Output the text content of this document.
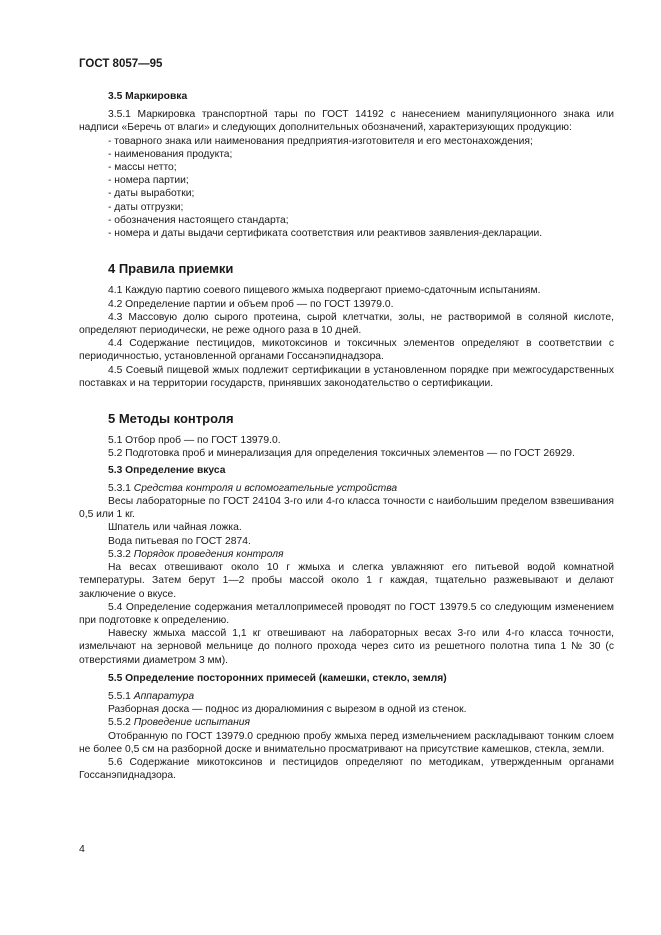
ГОСТ 8057—95

3.5 Маркировка

3.5.1 Маркировка транспортной тары по ГОСТ 14192 с нанесением манипуляционного знака или надписи «Беречь от влаги» и следующих дополнительных обозначений, характеризующих продукцию:

- товарного знака или наименования предприятия-изготовителя и его местонахождения;

- наименования продукта;

- массы нетто;

- номера партии;

- даты выработки;

- даты отгрузки;

- обозначения настоящего стандарта;

- номера и даты выдачи сертификата соответствия или реактивов заявления-декларации.

4 Правила приемки

4.1 Каждую партию соевого пищевого жмыха подвергают приемо-сдаточным испытаниям.

4.2 Определение партии и объем проб — по ГОСТ 13979.0.

4.3 Массовую долю сырого протеина, сырой клетчатки, золы, не растворимой в соляной кислоте, определяют периодически, не реже одного раза в 10 дней.

4.4 Содержание пестицидов, микотоксинов и токсичных элементов определяют в соответствии с периодичностью, установленной органами Госсанэпиднадзора.

4.5 Соевый пищевой жмых подлежит сертификации в установленном порядке при межгосударственных поставках и на территории государств, принявших законодательство о сертификации.

5 Методы контроля

5.1 Отбор проб — по ГОСТ 13979.0.

5.2 Подготовка проб и минерализация для определения токсичных элементов — по ГОСТ 26929.

5.3 Определение вкуса

5.3.1 Средства контроля и вспомогательные устройства

Весы лабораторные по ГОСТ 24104 3-го или 4-го класса точности с наибольшим пределом взвешивания 0,5 или 1 кг.

Шпатель или чайная ложка.

Вода питьевая по ГОСТ 2874.

5.3.2 Порядок проведения контроля

На весах отвешивают около 10 г жмыха и слегка увлажняют его питьевой водой комнатной температуры. Затем берут 1—2 пробы массой около 1 г каждая, тщательно разжевывают и делают заключение о вкусе.

5.4 Определение содержания металлопримесей проводят по ГОСТ 13979.5 со следующим изменением при подготовке к определению.

Навеску жмыха массой 1,1 кг отвешивают на лабораторных весах 3-го или 4-го класса точности, измельчают на зерновой мельнице до полного прохода через сито из решетного полотна типа 1 № 30 (с отверстиями диаметром 3 мм).

5.5 Определение посторонних примесей (камешки, стекло, земля)

5.5.1 Аппаратура

Разборная доска — поднос из дюралюминия с вырезом в одной из стенок.

5.5.2 Проведение испытания

Отобранную по ГОСТ 13979.0 среднюю пробу жмыха перед измельчением раскладывают тонким слоем не более 0,5 см на разборной доске и внимательно просматривают на присутствие камешков, стекла, земли.

5.6 Содержание микотоксинов и пестицидов определяют по методикам, утвержденным органами Госсанэпиднадзора.

4
